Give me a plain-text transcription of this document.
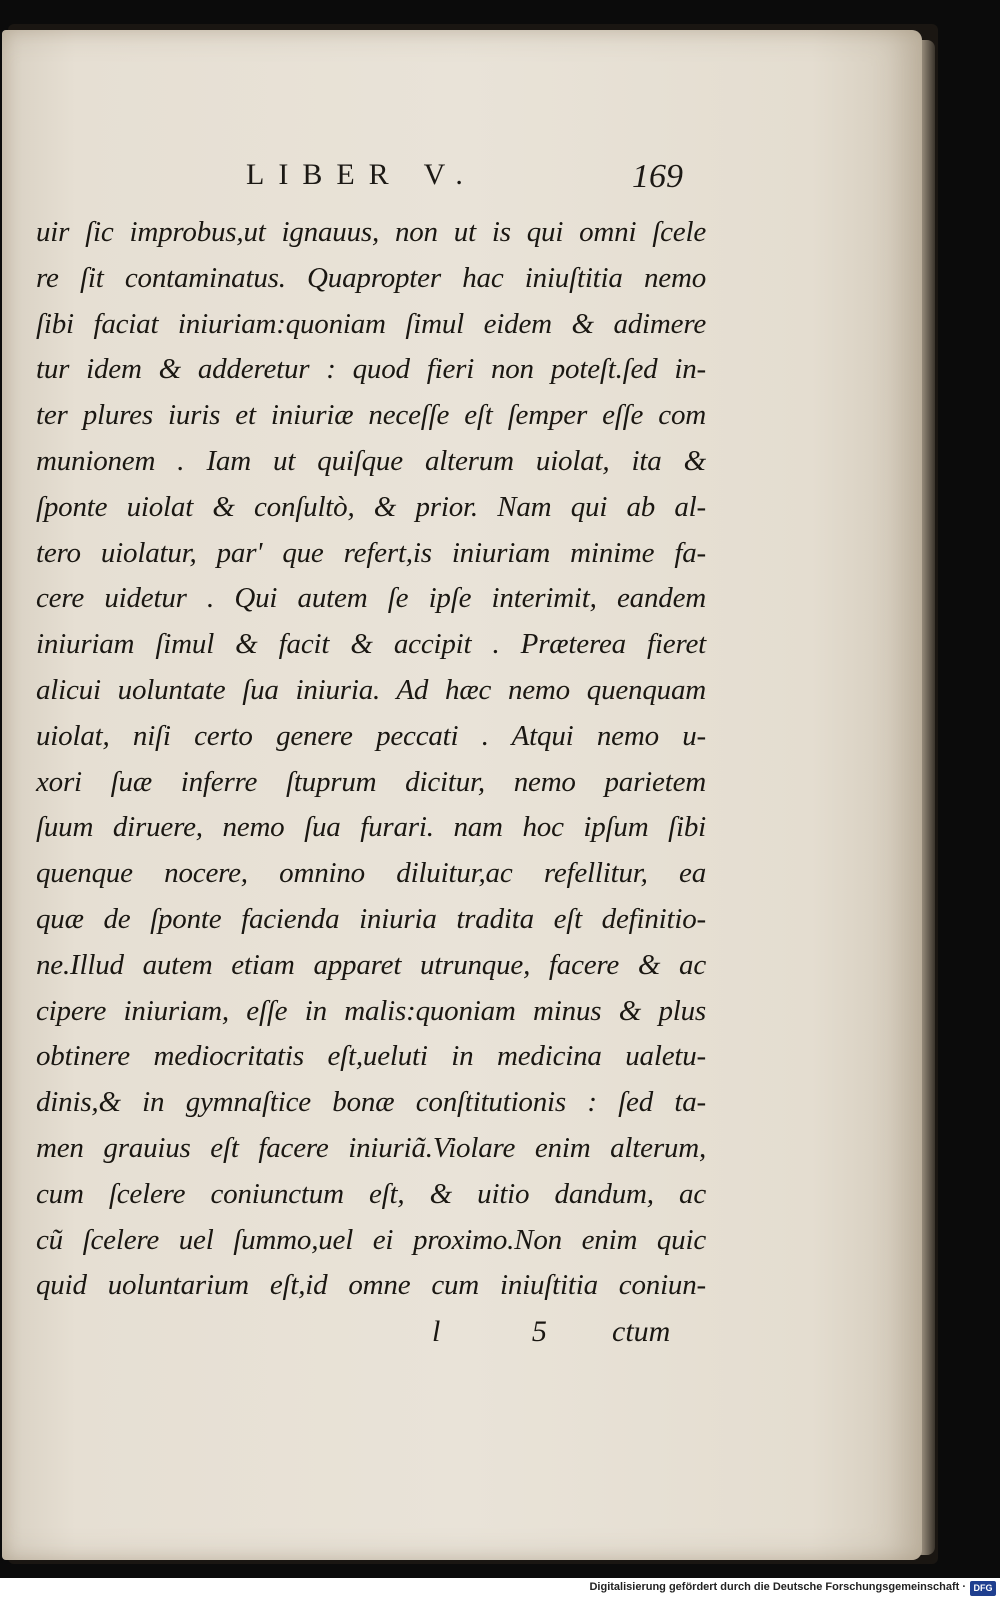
LIBER V.	169
uir ſic improbus,ut ignauus, non ut is qui omni ſcele
re ſit contaminatus. Quapropter hac iniuſtitia nemo
ſibi faciat iniuriam:quoniam ſimul eidem & adimere
tur idem & adderetur : quod fieri non poteſt.ſed in-
ter plures iuris et iniuriæ neceſſe eſt ſemper eſſe com
munionem . Iam ut quiſque alterum uiolat, ita &
ſponte uiolat & conſultò, & prior. Nam qui ab al-
tero uiolatur, par' que refert,is iniuriam minime fa-
cere uidetur . Qui autem ſe ipſe interimit, eandem
iniuriam ſimul & facit & accipit . Præterea fieret
alicui uoluntate ſua iniuria. Ad hæc nemo quenquam
uiolat, niſi certo genere peccati . Atqui nemo u-
xori ſuæ inferre ſtuprum dicitur, nemo parietem
ſuum diruere, nemo ſua furari. nam hoc ipſum ſibi
quenque nocere, omnino diluitur,ac refellitur, ea
quæ de ſponte facienda iniuria tradita eſt definitio-
ne.Illud autem etiam apparet utrunque, facere & ac
cipere iniuriam, eſſe in malis:quoniam minus & plus
obtinere mediocritatis eſt,ueluti in medicina ualetu-
dinis,& in gymnaſtice bonæ conſtitutionis : ſed ta-
men grauius eſt facere iniuriã.Violare enim alterum,
cum ſcelere coniunctum eſt, & uitio dandum, ac
cũ ſcelere uel ſummo,uel ei proximo.Non enim quic
quid uoluntarium eſt,id omne cum iniuſtitia coniun-
l 5 ctum
Digitalisierung gefördert durch die Deutsche Forschungsgemeinschaft · DFG
